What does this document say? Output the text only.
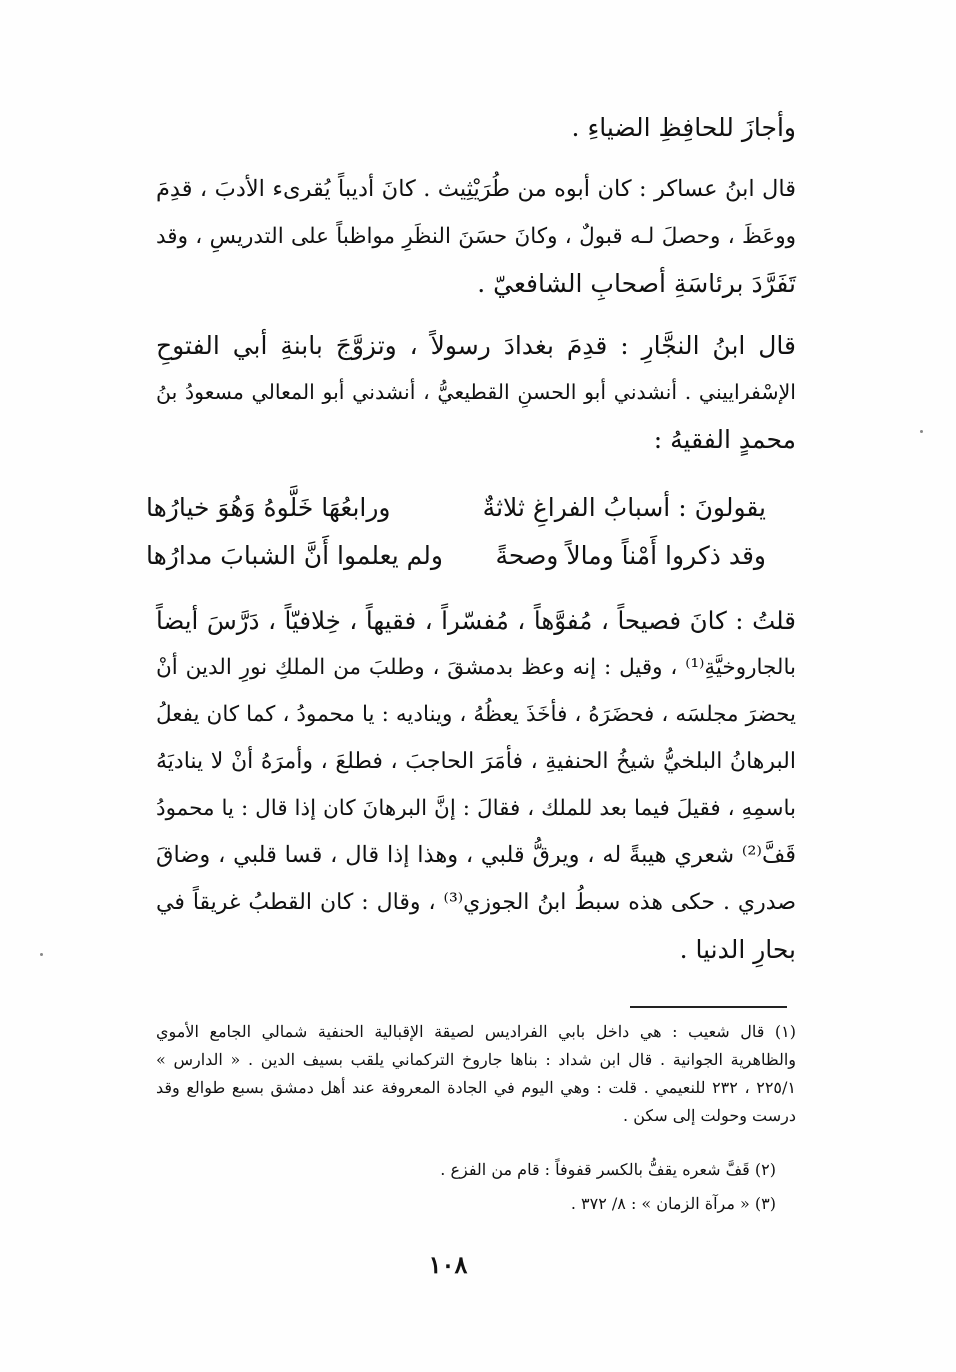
وأجازَ للحافِظِ الضياءِ .
قال ابنُ عساكر : كان أبوه من طُرَيْثِيث . كانَ أديباً يُقرىء الأدبَ ، قدِمَ
ووعَظَ ، وحصلَ لـه قبولٌ ، وكانَ حسَنَ النظَرِ مواظباً على التدريسِ ، وقد
تَفَرَّدَ برئاسَةِ أصحابِ الشافعيّ .
قال ابنُ النجَّارِ : قدِمَ بغدادَ رسولاً ، وتزوَّجَ بابنةِ أبي الفتوحِ
الإسْفراييني . أنشدني أبو الحسنِ القطيعيُّ ، أنشدني أبو المعالي مسعودُ بنُ
محمدٍ الفقيهُ :
يقولونَ : أسبابُ الفراغِ ثلاثةٌ
ورابعُهَا خَلَّوهُ وَهُوَ خيارُها
وقد ذكروا أَمْناً ومالاً وصحةً
ولم يعلموا أَنَّ الشبابَ مدارُها
قلتُ : كانَ فصيحاً ، مُفوَّهاً ، مُفسّراً ، فقيهاً ، خِلافيّاً ، دَرَّسَ أيضاً
بالجاروخيَّةِ⁽¹⁾ ، وقيل : إنه وعظ بدمشقَ ، وطلبَ من الملكِ نورِ الدين أنْ
يحضرَ مجلسَه ، فحضَرَهُ ، فأخَذَ يعظُهُ ، ويناديه : يا محمودُ ، كما كان يفعلُ
البرهانُ البلخيُّ شيخُ الحنفيةِ ، فأمَرَ الحاجبَ ، فطلعَ ، وأمرَهُ أنْ لا يناديَهُ
باسمِهِ ، فقيلَ فيما بعد للملك ، فقالَ : إنَّ البرهانَ كان إذا قال : يا محمودُ
قَفَّ⁽²⁾ شعري هيبةً له ، ويرقُّ قلبي ، وهذا إذا قال ، قسا قلبي ، وضاقَ
صدري . حكى هذه سبطُ ابنُ الجوزي⁽³⁾ ، وقال : كان القطبُ غريقاً في
بحارِ الدنيا .
(١) قال شعيب : هي داخل بابي الفراديس لصيقة الإقبالية الحنفية شمالي الجامع الأموي
والظاهرية الجوانية . قال ابن شداد : بناها جاروخ التركماني يلقب بسيف الدين . « الدارس »
٢٢٥/١ ، ٢٣٢ للنعيمي . قلت : وهي اليوم في الجادة المعروفة عند أهل دمشق بسبع طوالع وقد
درست وحولت إلى سكن .
(٢) قَفَّ شعره يقفُّ بالكسر قفوفاً : قام من الفزع .
(٣) « مرآة الزمان » : ٨/ ٣٧٢ .
١٠٨
